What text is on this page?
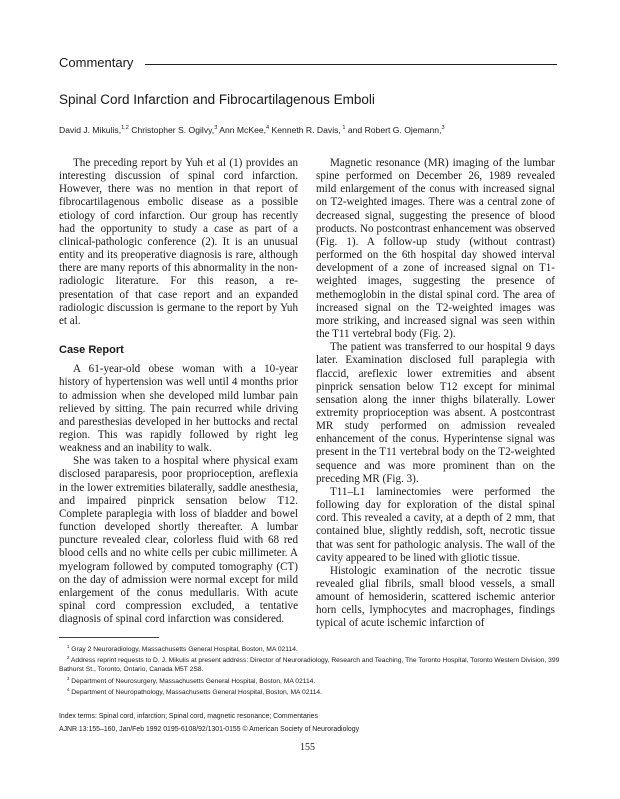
Commentary
Spinal Cord Infarction and Fibrocartilagenous Emboli
David J. Mikulis,$^{1,2}$ Christopher S. Ogilvy,$^3$ Ann McKee,$^4$ Kenneth R. Davis, $^1$ and Robert G. Ojemann,$^3$

The preceding report by Yuh et al (1) provides an interesting discussion of spinal cord infarction. However, there was no mention in that report of fibrocartilagenous embolic disease as a possible etiology of cord infarction. Our group has recently had the opportunity to study a case as part of a clinical-pathologic conference (2). It is an unusual entity and its preoperative diagnosis is rare, although there are many reports of this abnormality in the non-radiologic literature. For this reason, a re-presentation of that case report and an expanded radiologic discussion is germane to the report by Yuh et al.

Case Report

A 61-year-old obese woman with a 10-year history of hypertension was well until 4 months prior to admission when she developed mild lumbar pain relieved by sitting. The pain recurred while driving and paresthesias developed in her buttocks and rectal region. This was rapidly followed by right leg weakness and an inability to walk.

She was taken to a hospital where physical exam disclosed paraparesis, poor proprioception, areflexia in the lower extremities bilaterally, saddle anesthesia, and impaired pinprick sensation below T12. Complete paraplegia with loss of bladder and bowel function developed shortly thereafter. A lumbar puncture revealed clear, colorless fluid with 68 red blood cells and no white cells per cubic millimeter. A myelogram followed by computed tomography (CT) on the day of admission were normal except for mild enlargement of the conus medullaris. With acute spinal cord compression excluded, a tentative diagnosis of spinal cord infarction was considered.

Magnetic resonance (MR) imaging of the lumbar spine performed on December 26, 1989 revealed mild enlargement of the conus with increased signal on T2-weighted images. There was a central zone of decreased signal, suggesting the presence of blood products. No postcontrast enhancement was observed (Fig. 1). A follow-up study (without contrast) performed on the 6th hospital day showed interval development of a zone of increased signal on T1-weighted images, suggesting the presence of methemoglobin in the distal spinal cord. The area of increased signal on the T2-weighted images was more striking, and increased signal was seen within the T11 vertebral body (Fig. 2).

The patient was transferred to our hospital 9 days later. Examination disclosed full paraplegia with flaccid, areflexic lower extremities and absent pinprick sensation below T12 except for minimal sensation along the inner thighs bilaterally. Lower extremity proprioception was absent. A postcontrast MR study performed on admission revealed enhancement of the conus. Hyperintense signal was present in the T11 vertebral body on the T2-weighted sequence and was more prominent than on the preceding MR (Fig. 3).

T11–L1 laminectomies were performed the following day for exploration of the distal spinal cord. This revealed a cavity, at a depth of 2 mm, that contained blue, slightly reddish, soft, necrotic tissue that was sent for pathologic analysis. The wall of the cavity appeared to be lined with gliotic tissue.

Histologic examination of the necrotic tissue revealed glial fibrils, small blood vessels, a small amount of hemosiderin, scattered ischemic anterior horn cells, lymphocytes and macrophages, findings typical of acute ischemic infarction of

$^1$ Gray 2 Neuroradiology, Massachusetts General Hospital, Boston, MA 02114.

$^2$ Address reprint requests to D. J. Mikulis at present address: Director of Neuroradiology, Research and Teaching, The Toronto Hospital, Toronto Western Division, 399 Bathurst St., Toronto, Ontario, Canada M5T 2S8.

$^3$ Department of Neurosurgery, Massachusetts General Hospital, Boston, MA 02114.

$^4$ Department of Neuropathology, Massachusetts General Hospital, Boston, MA 02114.

Index terms: Spinal cord, infarction; Spinal cord, magnetic resonance; Commentaries
AJNR 13:155–160, Jan/Feb 1992 0195-6108/92/1301-0155 © American Society of Neuroradiology
155
